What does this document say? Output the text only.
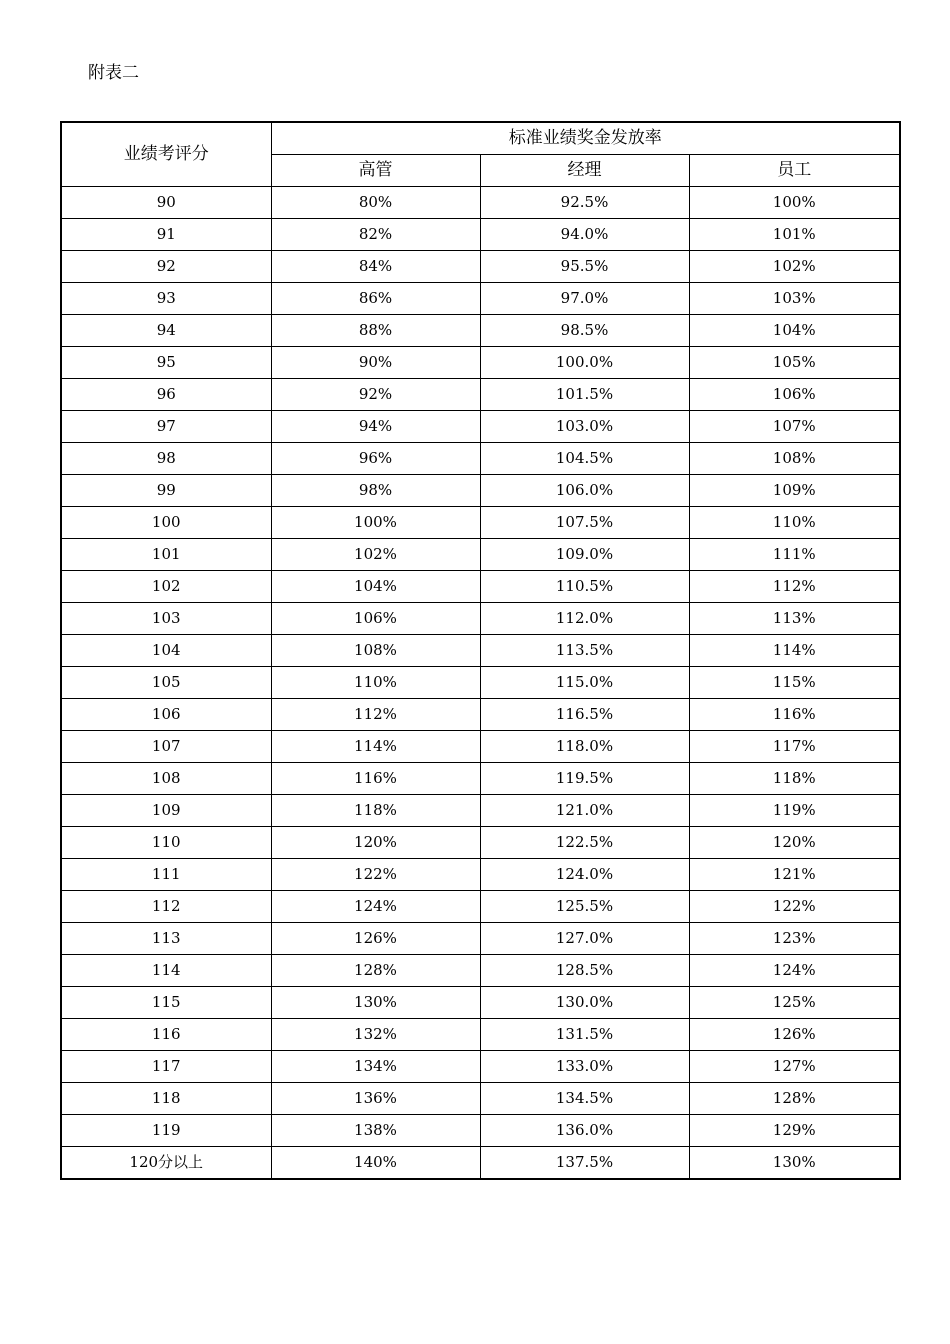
附表二
业绩考评分	标准业绩奖金发放率		
	高管	经理	员工
90	80%	92.5%	100%
91	82%	94.0%	101%
92	84%	95.5%	102%
93	86%	97.0%	103%
94	88%	98.5%	104%
95	90%	100.0%	105%
96	92%	101.5%	106%
97	94%	103.0%	107%
98	96%	104.5%	108%
99	98%	106.0%	109%
100	100%	107.5%	110%
101	102%	109.0%	111%
102	104%	110.5%	112%
103	106%	112.0%	113%
104	108%	113.5%	114%
105	110%	115.0%	115%
106	112%	116.5%	116%
107	114%	118.0%	117%
108	116%	119.5%	118%
109	118%	121.0%	119%
110	120%	122.5%	120%
111	122%	124.0%	121%
112	124%	125.5%	122%
113	126%	127.0%	123%
114	128%	128.5%	124%
115	130%	130.0%	125%
116	132%	131.5%	126%
117	134%	133.0%	127%
118	136%	134.5%	128%
119	138%	136.0%	129%
120分以上	140%	137.5%	130%
